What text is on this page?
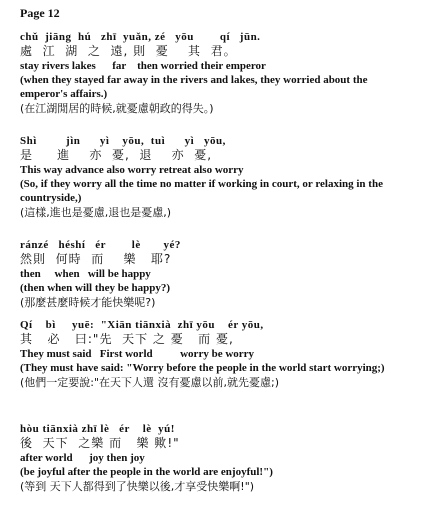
Page 12
chǔ  jiāng  hú   zhī  yuǎn, zé   yōu        qí   jūn.
處  江  湖  之  遠, 則  憂    其  君。
stay rivers lakes      far    then worried their emperor
(when they stayed far away in the rivers and lakes, they worried about the emperor's affairs.)
(在江湖閒居的時候,就憂慮朝政的得失。)
Shì         jìn      yì    yōu,  tuì      yì   yōu,
是     進    亦  憂,  退    亦  憂,
This way advance also worry retreat also worry
(So, if they worry all the time no matter if working in court, or relaxing in the countryside,)
(這樣,進也是憂慮,退也是憂慮,)
ránzé   héshí   ér        lè       yé?
然則  何時  而    樂   耶?
then     when   will be happy
(then when will they be happy?)
(那麼甚麼時候才能快樂呢?)
Qí    bì     yuē:  "Xiān tiānxià  zhī yōu    ér yōu,
其   必   曰:"先  天下 之 憂   而 憂,
They must said   First world          worry be worry
(They must have said: "Worry before the people in the world start worrying;)
(他們一定要說:"在天下人還 沒有憂慮以前,就先憂慮;)
hòu tiānxià zhī lè   ér    lè  yú!
後  天下  之樂 而   樂 歟!"
after world      joy then joy
(be joyful after the people in the world are enjoyful!")
(等到 天下人都得到了快樂以後,才享受快樂啊!")
